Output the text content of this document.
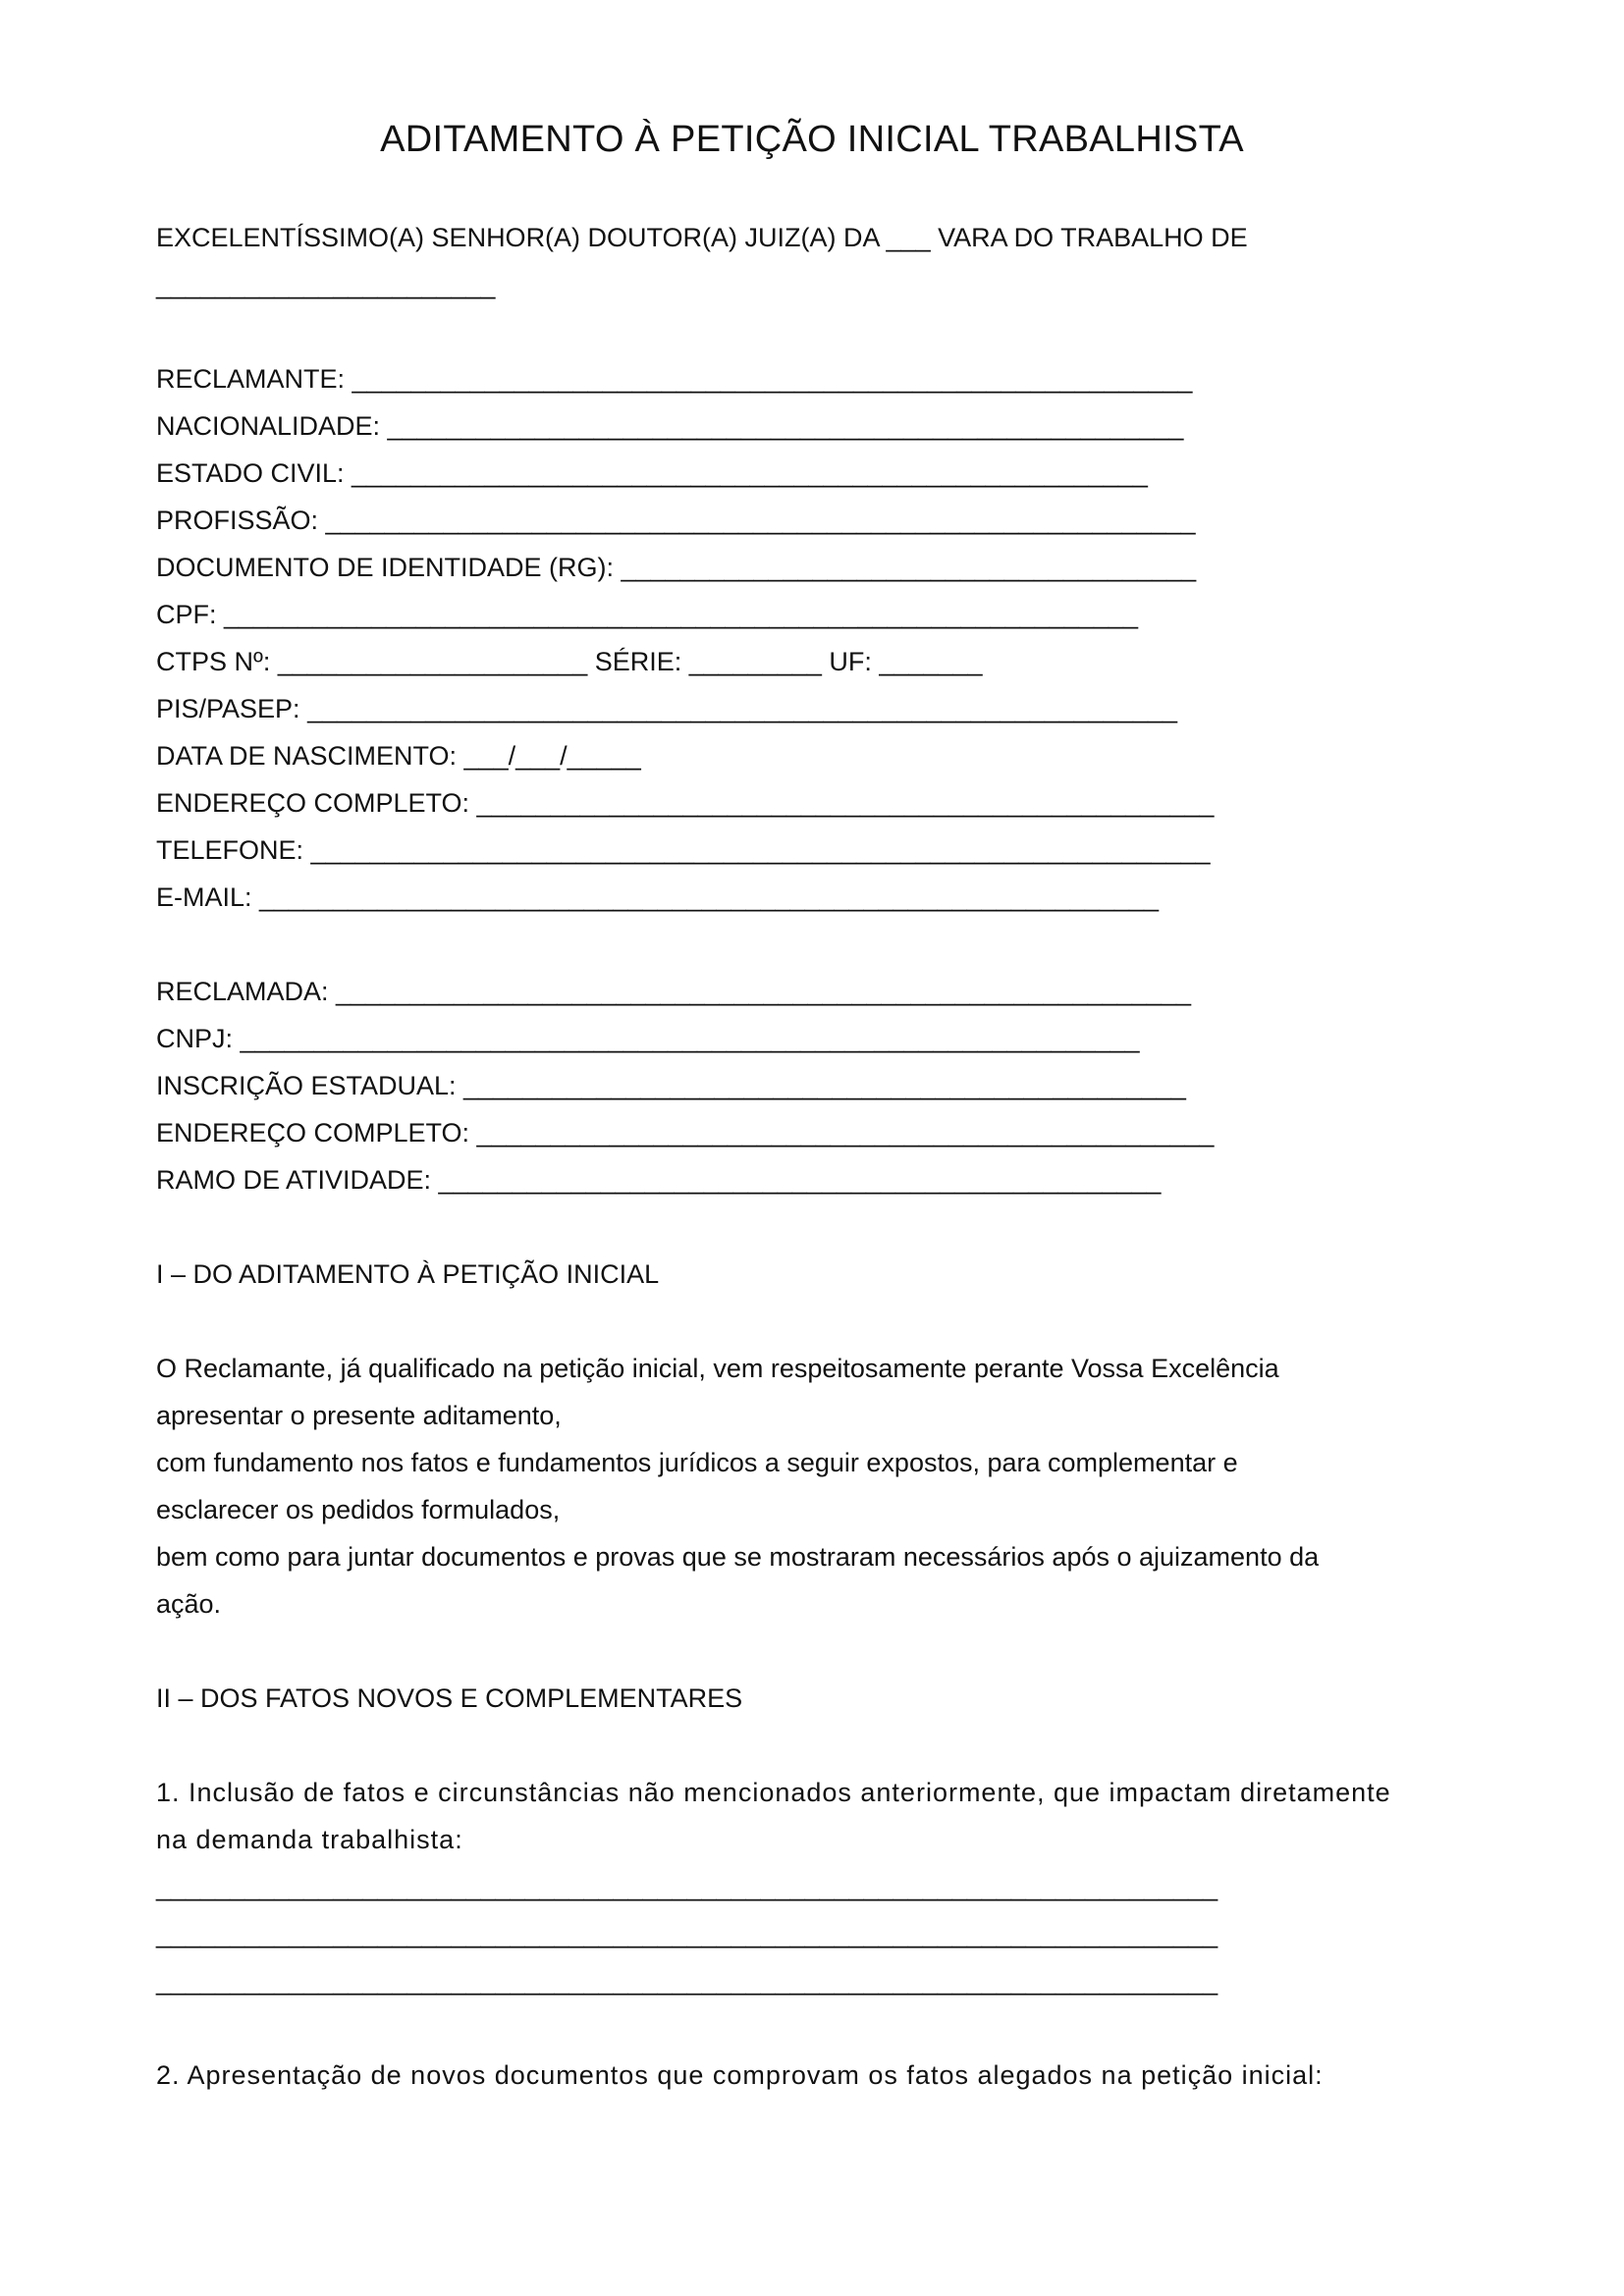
ADITAMENTO À PETIÇÃO INICIAL TRABALHISTA

EXCELENTÍSSIMO(A) SENHOR(A) DOUTOR(A) JUIZ(A) DA ___ VARA DO TRABALHO DE

_______________________

RECLAMANTE: _________________________________________________________

NACIONALIDADE: ______________________________________________________

ESTADO CIVIL: ______________________________________________________

PROFISSÃO: ___________________________________________________________

DOCUMENTO DE IDENTIDADE (RG): _______________________________________

CPF: ______________________________________________________________

CTPS Nº: _____________________ SÉRIE: _________ UF: _______

PIS/PASEP: ___________________________________________________________

DATA DE NASCIMENTO: ___/___/_____

ENDEREÇO COMPLETO: __________________________________________________

TELEFONE: _____________________________________________________________

E-MAIL: _____________________________________________________________

RECLAMADA: __________________________________________________________

CNPJ: _____________________________________________________________

INSCRIÇÃO ESTADUAL: _________________________________________________

ENDEREÇO COMPLETO: __________________________________________________

RAMO DE ATIVIDADE: _________________________________________________

I – DO ADITAMENTO À PETIÇÃO INICIAL

O Reclamante, já qualificado na petição inicial, vem respeitosamente perante Vossa Excelência

apresentar o presente aditamento,

com fundamento nos fatos e fundamentos jurídicos a seguir expostos, para complementar e

esclarecer os pedidos formulados,

bem como para juntar documentos e provas que se mostraram necessários após o ajuizamento da

ação.

II – DOS FATOS NOVOS E COMPLEMENTARES

1. Inclusão de fatos e circunstâncias não mencionados anteriormente, que impactam diretamente

na demanda trabalhista:

________________________________________________________________________

________________________________________________________________________

________________________________________________________________________

2. Apresentação de novos documentos que comprovam os fatos alegados na petição inicial:
